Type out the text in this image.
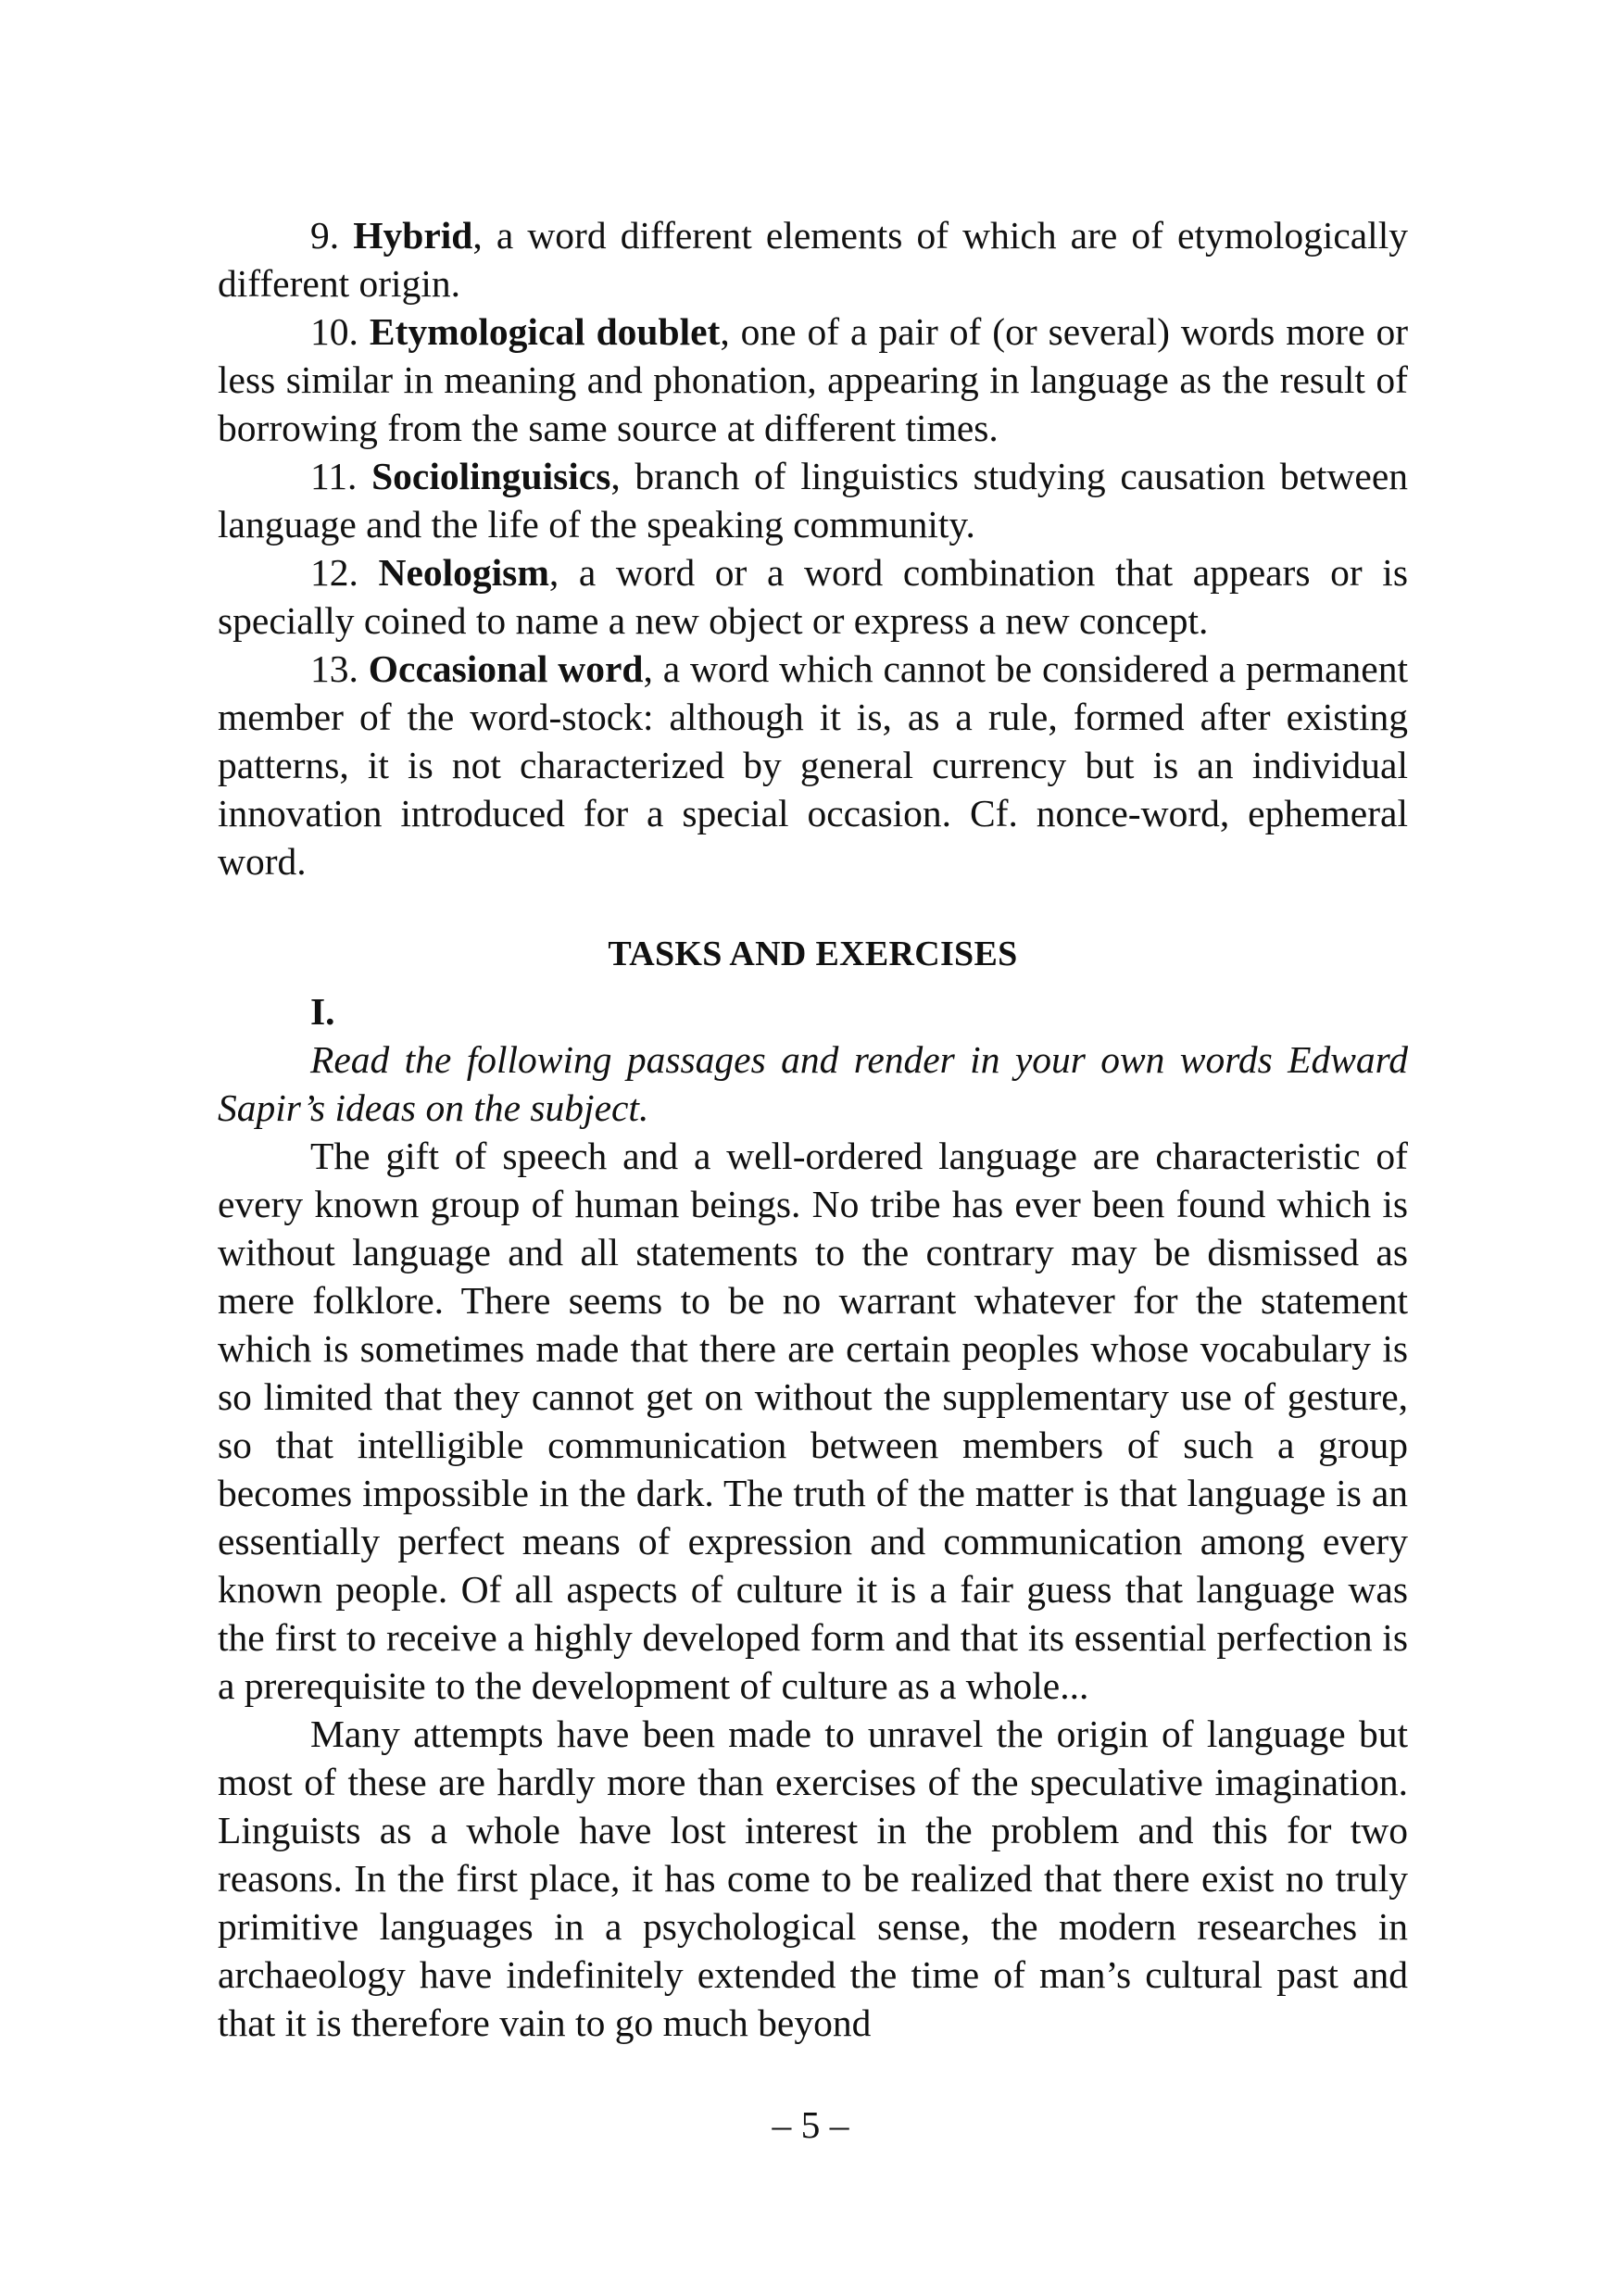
9. Hybrid, a word different elements of which are of etymologically different origin.

10. Etymological doublet, one of a pair of (or several) words more or less similar in meaning and phonation, appearing in language as the result of borrowing from the same source at different times.

11. Sociolinguisics, branch of linguistics studying causation between language and the life of the speaking community.

12. Neologism, a word or a word combination that appears or is specially coined to name a new object or express a new concept.

13. Occasional word, a word which cannot be considered a permanent member of the word-stock: although it is, as a rule, formed after existing patterns, it is not characterized by general currency but is an individual innovation introduced for a special occasion. Cf. nonce-word, ephemeral word.

TASKS AND EXERCISES

I.

Read the following passages and render in your own words Edward Sapir’s ideas on the subject.

The gift of speech and a well-ordered language are characteristic of every known group of human beings. No tribe has ever been found which is without language and all statements to the contrary may be dismissed as mere folklore. There seems to be no warrant whatever for the statement which is sometimes made that there are certain peoples whose vocabulary is so limited that they cannot get on without the supplementary use of gesture, so that intelligible communication between members of such a group becomes impossible in the dark. The truth of the matter is that language is an essentially perfect means of expression and communication among every known people. Of all aspects of culture it is a fair guess that language was the first to receive a highly developed form and that its essential perfection is a prerequisite to the development of culture as a whole...

Many attempts have been made to unravel the origin of language but most of these are hardly more than exercises of the speculative imagination. Linguists as a whole have lost interest in the problem and this for two reasons. In the first place, it has come to be realized that there exist no truly primitive languages in a psychological sense, the modern researches in archaeology have indefinitely extended the time of man’s cultural past and that it is therefore vain to go much beyond

– 5 –
